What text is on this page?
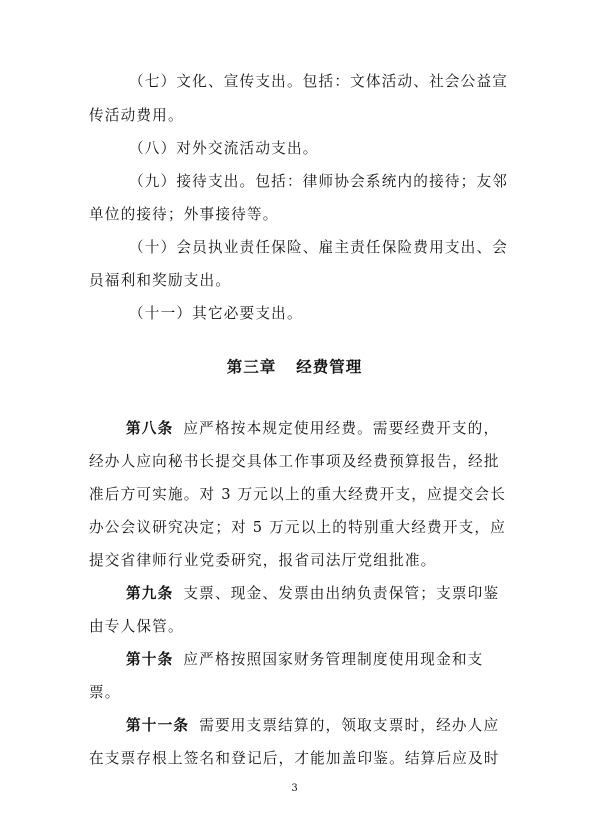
（七）文化、宣传支出。包括：文体活动、社会公益宣
传活动费用。
（八）对外交流活动支出。
（九）接待支出。包括：律师协会系统内的接待；友邻
单位的接待；外事接待等。
（十）会员执业责任保险、雇主责任保险费用支出、会
员福利和奖励支出。
（十一）其它必要支出。
第三章 经费管理
第八条 应严格按本规定使用经费。需要经费开支的，
经办人应向秘书长提交具体工作事项及经费预算报告，经批
准后方可实施。对 3 万元以上的重大经费开支，应提交会长
办公会议研究决定；对 5 万元以上的特别重大经费开支，应
提交省律师行业党委研究，报省司法厅党组批准。
第九条 支票、现金、发票由出纳负责保管；支票印鉴
由专人保管。
第十条 应严格按照国家财务管理制度使用现金和支
票。
第十一条 需要用支票结算的，领取支票时，经办人应
在支票存根上签名和登记后，才能加盖印鉴。结算后应及时
3
